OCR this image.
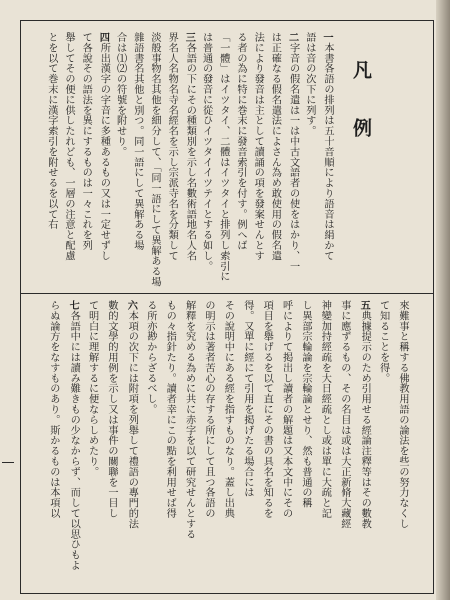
凡　例
一本書各語の排列は五十音順により語音は絹かて
語は音の次下に列す。
二字音の假名遣は一は中古文語者の使をはかり、一
は正確なる假名遣法によさん為め敢使用の假名遣
法により發音は主として讀誦の項を發案せんとす
る者の為に特に巻末に發音索引を付す。例へば
「一體」はイツタイ、二體はイツタイと排列し索引に
は普通の發音に從ひイツタイイツテイとする如し。
三各語の下にその種類別を示し名數術語地名人名
界名人名物名寺名經名を示し宗派寺名を分類して
淡般事物名其他を細分して、「同一語にして異解ある場
雜語書名其他と別つ。同一語にして異解ある場
合は⑴⑵の符號を附せり。
四所出漢字の字音に多種あるもの又は一定せずし
て各說その語法を異にするものは一々これを列
舉してその便に供したれども、一層の注意と配慮
とを以て巻末に漢字索引を附せるを以て右
來難事と稱する佛教用語の論法を些の努力なくし
て知ることを得。
五典據提示のため引用せる經論注釋等はその數教
事に應ずるもの、その名目は或は大正新脩大藏經
神變加持經疏を大日經疏とし或は單に大疏と記
し異部宗輪論を宗輪論とせり、然も普通の稱
呼によりて掲出し讀者の解題は又本文中にその
項目を舉げるを以て直にその書の具名を知るを
得。又單に經にて引用を掲げたる場合には
その說明中にある經を指すものなり。蓋し出典
の明示は著者苦心の存する所にして且つ各語の
解釋を究める為めに共に赤字を以て研究せんとする
もの々指針たり。讀者幸にこの點を利用せば得
る所亦尠からざるべし。
六本項の次下には附項を列舉して禮語の專門的法
數的文學的用例を示し又は事件の關聯を一目し
て明白に理解するに便ならしめたり。
七各語中には讀み難きもの少なからず、而して以思ひもよ
らぬ論方をなすものあり。斯かるものは本項以
